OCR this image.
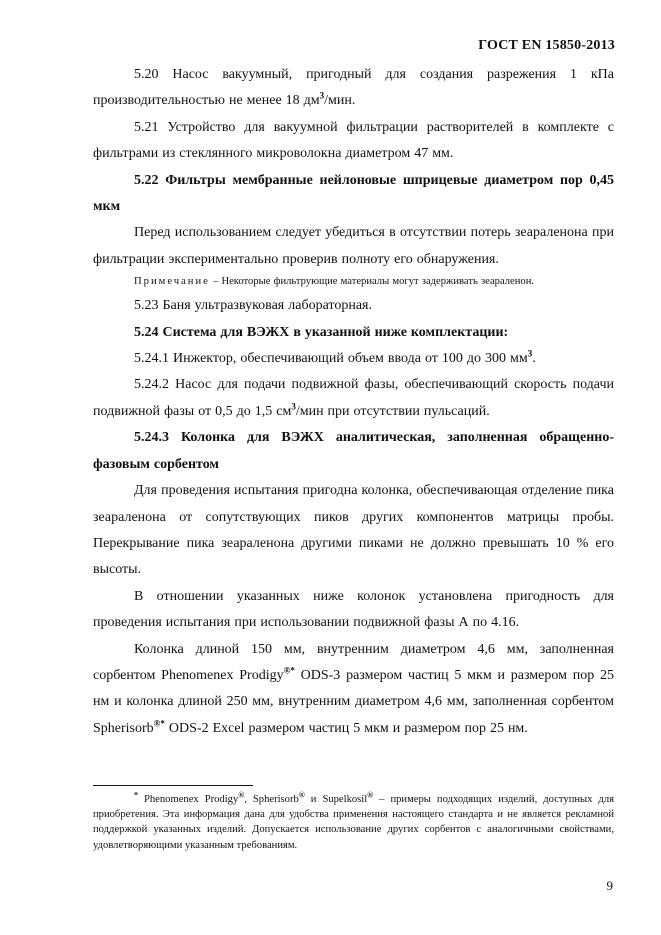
ГОСТ EN 15850-2013

5.20 Насос вакуумный, пригодный для создания разрежения 1 кПа производительностью не менее 18 $дм^3$/мин.

5.21 Устройство для вакуумной фильтрации растворителей в комплекте с фильтрами из стеклянного микроволокна диаметром 47 мм.

5.22 Фильтры мембранные нейлоновые шприцевые диаметром пор 0,45 мкм

Перед использованием следует убедиться в отсутствии потерь зеараленона при фильтрации экспериментально проверив полноту его обнаружения.

Примечание – Некоторые фильтрующие материалы могут задерживать зеараленон.

5.23 Баня ультразвуковая лабораторная.

5.24 Система для ВЭЖХ в указанной ниже комплектации:

5.24.1 Инжектор, обеспечивающий объем ввода от 100 до 300 $мм^3$.

5.24.2 Насос для подачи подвижной фазы, обеспечивающий скорость подачи подвижной фазы от 0,5 до 1,5 $см^3$/мин при отсутствии пульсаций.

5.24.3 Колонка для ВЭЖХ аналитическая, заполненная обращенно-фазовым сорбентом

Для проведения испытания пригодна колонка, обеспечивающая отделение пика зеараленона от сопутствующих пиков других компонентов матрицы пробы. Перекрывание пика зеараленона другими пиками не должно превышать 10 % его высоты.

В отношении указанных ниже колонок установлена пригодность для проведения испытания при использовании подвижной фазы А по 4.16.

Колонка длиной 150 мм, внутренним диаметром 4,6 мм, заполненная сорбентом Phenomenex Prodigy®* ODS-3 размером частиц 5 мкм и размером пор 25 нм и колонка длиной 250 мм, внутренним диаметром 4,6 мм, заполненная сорбентом Spherisorb®* ODS-2 Excel размером частиц 5 мкм и размером пор 25 нм.

* Phenomenex Prodigy®, Spherisorb® и Supelkosil® – примеры подходящих изделий, доступных для приобретения. Эта информация дана для удобства применения настоящего стандарта и не является рекламной поддержкой указанных изделий. Допускается использование других сорбентов с аналогичными свойствами, удовлетворяющими указанным требованиям.

9
